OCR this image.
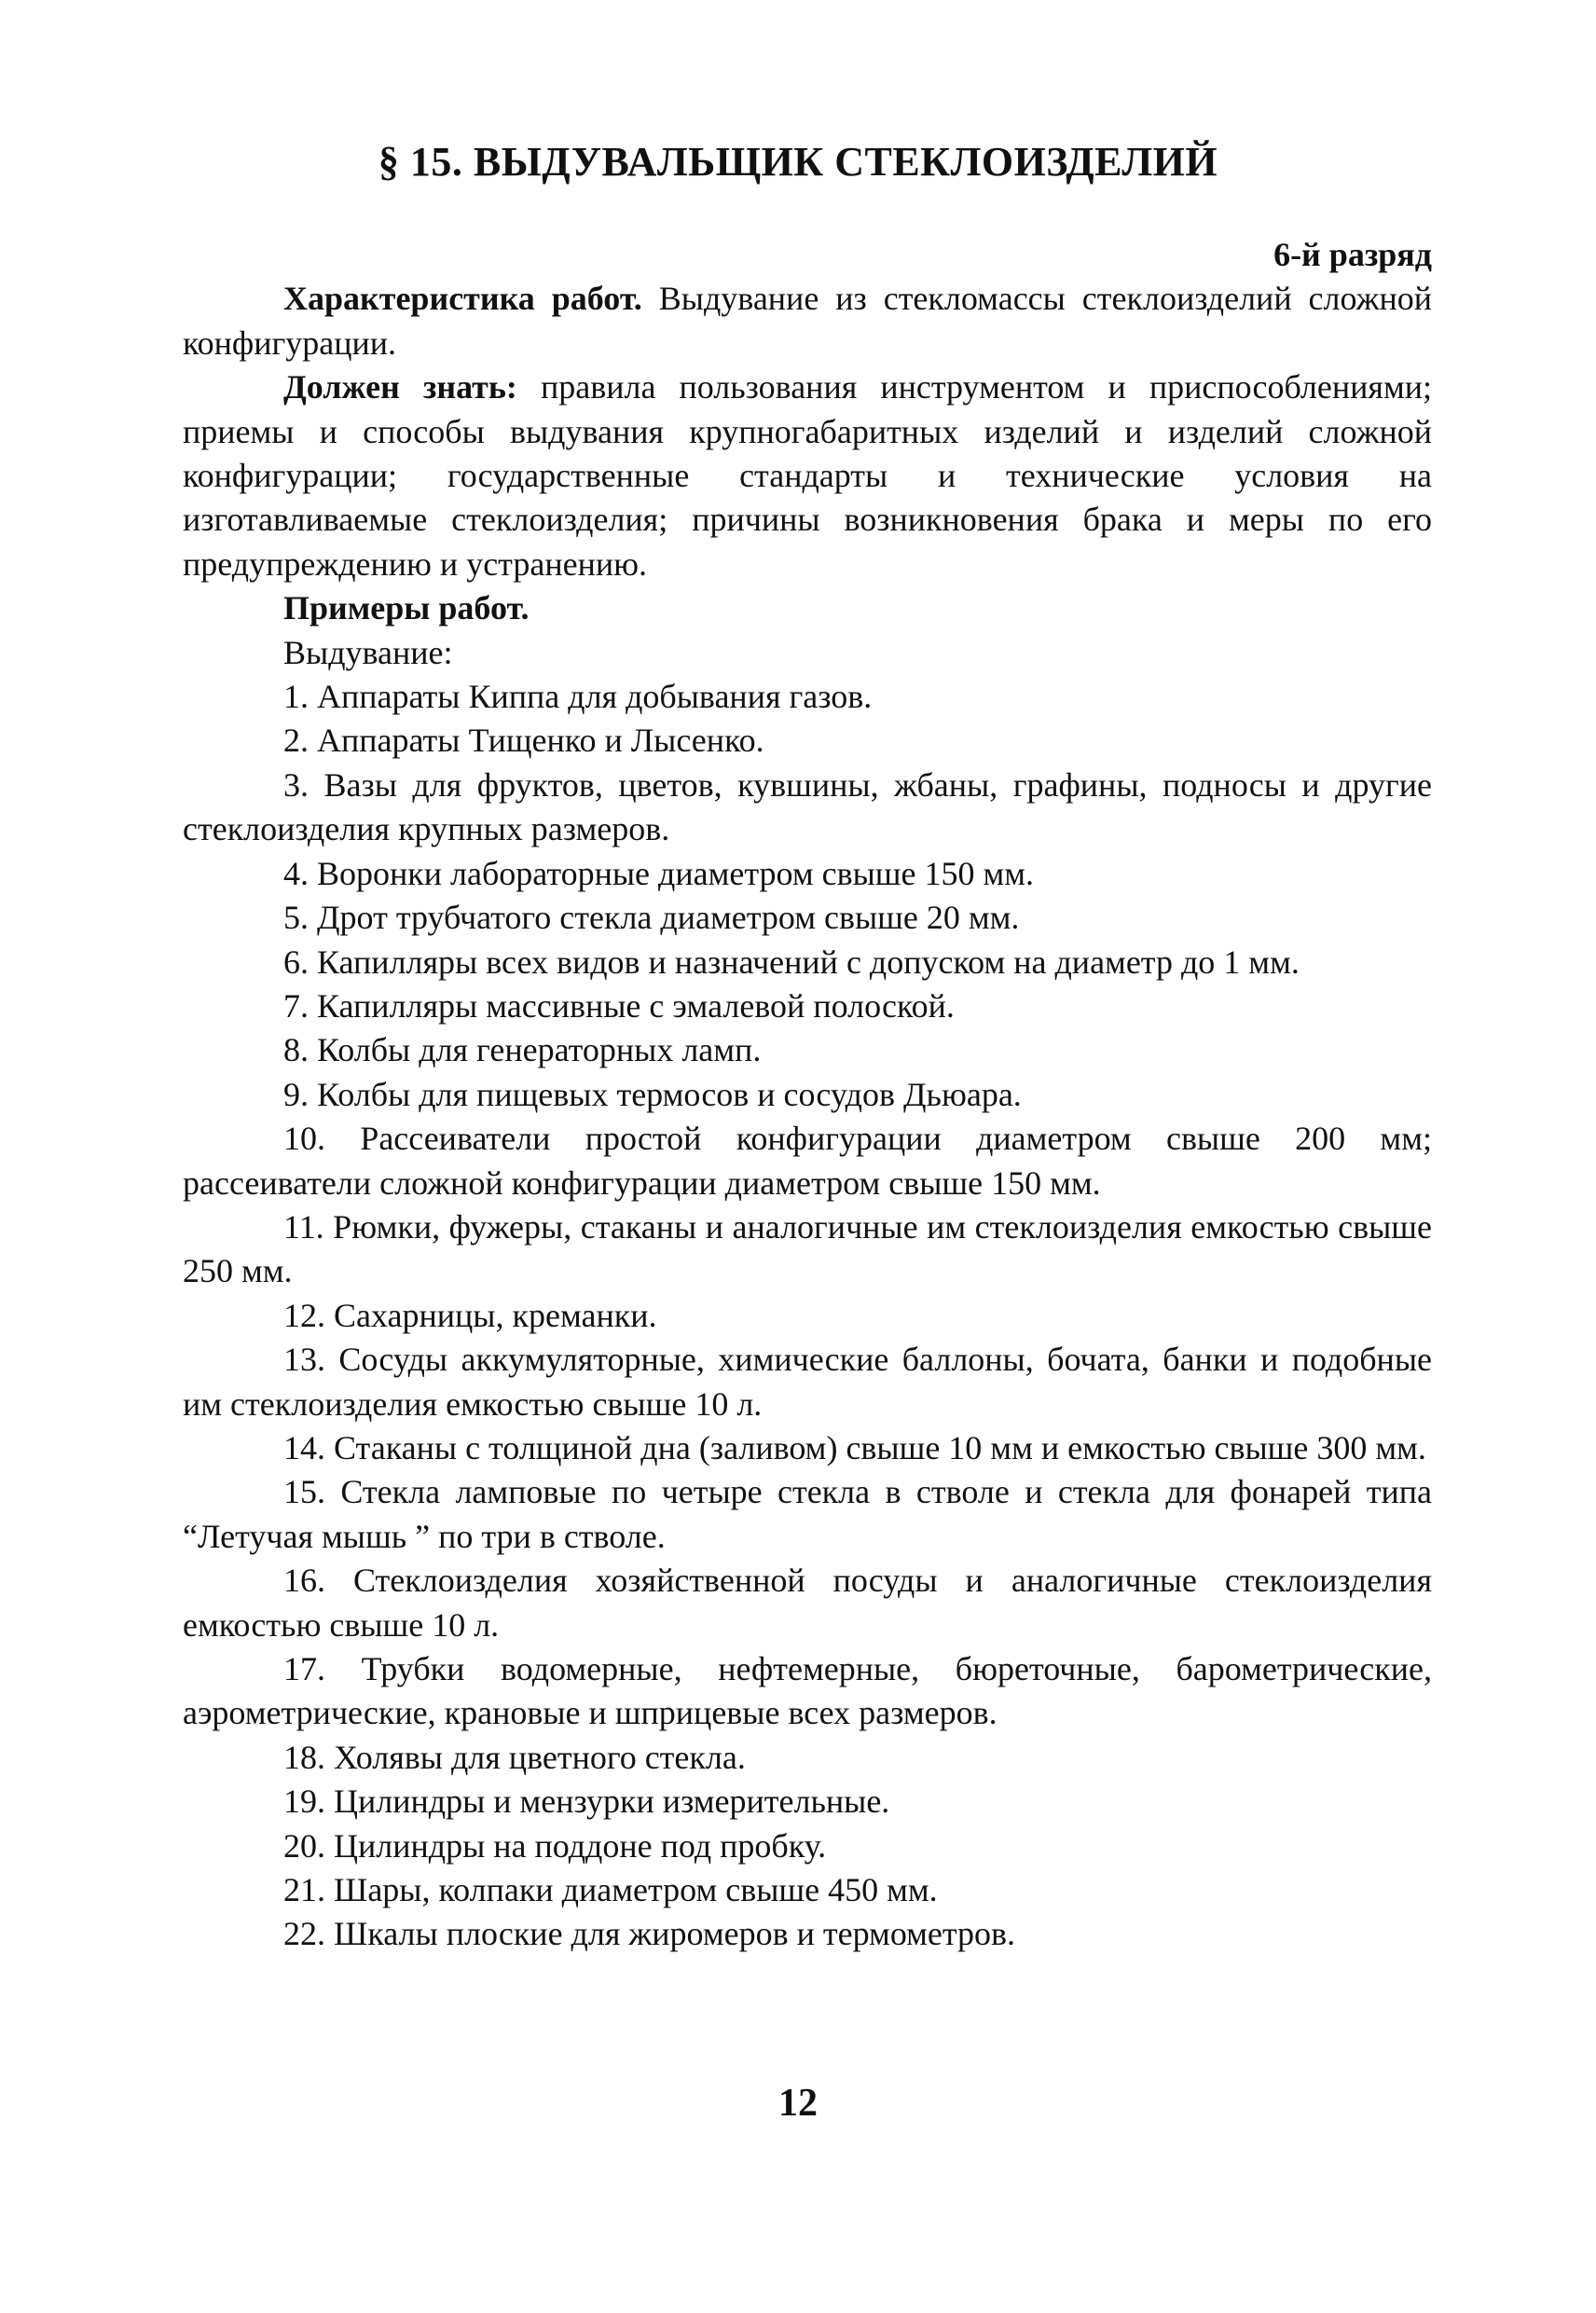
§ 15. ВЫДУВАЛЬЩИК СТЕКЛОИЗДЕЛИЙ

6-й разряд

Характеристика работ. Выдувание из стекломассы стеклоизделий сложной конфигурации.

Должен знать: правила пользования инструментом и приспособлениями; приемы и способы выдувания крупногабаритных изделий и изделий сложной конфигурации; государственные стандарты и технические условия на изготавливаемые стеклоизделия; причины возникновения брака и меры по его предупреждению и устранению.

Примеры работ.

Выдувание:

1. Аппараты Киппа для добывания газов.

2. Аппараты Тищенко и Лысенко.

3. Вазы для фруктов, цветов, кувшины, жбаны, графины, подносы и другие стеклоизделия крупных размеров.

4. Воронки лабораторные диаметром свыше 150 мм.

5. Дрот трубчатого стекла диаметром свыше 20 мм.

6. Капилляры всех видов и назначений с допуском на диаметр до 1 мм.

7. Капилляры массивные с эмалевой полоской.

8. Колбы для генераторных ламп.

9. Колбы для пищевых термосов и сосудов Дьюара.

10. Рассеиватели простой конфигурации диаметром свыше 200 мм; рассеиватели сложной конфигурации диаметром свыше 150 мм.

11. Рюмки, фужеры, стаканы и аналогичные им стеклоизделия емкостью свыше 250 мм.

12. Сахарницы, креманки.

13. Сосуды аккумуляторные, химические баллоны, бочата, банки и подобные им стеклоизделия емкостью свыше 10 л.

14. Стаканы с толщиной дна (заливом) свыше 10 мм и емкостью свыше 300 мм.

15. Стекла ламповые по четыре стекла в стволе и стекла для фонарей типа “Летучая мышь ” по три в стволе.

16. Стеклоизделия хозяйственной посуды и аналогичные стеклоизделия емкостью свыше 10 л.

17. Трубки водомерные, нефтемерные, бюреточные, барометрические, аэрометрические, крановые и шприцевые всех размеров.

18. Холявы для цветного стекла.

19. Цилиндры и мензурки измерительные.

20. Цилиндры на поддоне под пробку.

21. Шары, колпаки диаметром свыше 450 мм.

22. Шкалы плоские для жиромеров и термометров.

12
